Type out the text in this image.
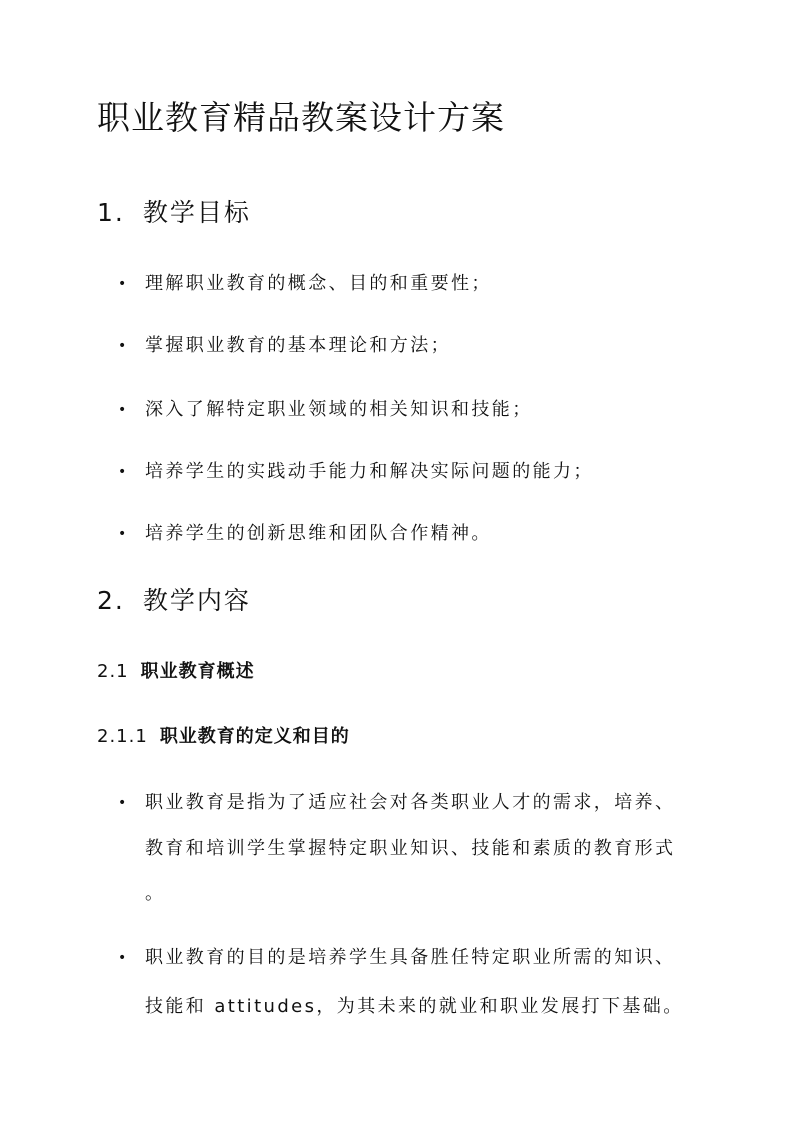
职业教育精品教案设计方案
1. 教学目标
• 理解职业教育的概念、目的和重要性；
• 掌握职业教育的基本理论和方法；
• 深入了解特定职业领域的相关知识和技能；
• 培养学生的实践动手能力和解决实际问题的能力；
• 培养学生的创新思维和团队合作精神。
2. 教学内容
2.1 职业教育概述
2.1.1 职业教育的定义和目的
• 职业教育是指为了适应社会对各类职业人才的需求，培养、
教育和培训学生掌握特定职业知识、技能和素质的教育形式
。
• 职业教育的目的是培养学生具备胜任特定职业所需的知识、
技能和 attitudes，为其未来的就业和职业发展打下基础。
